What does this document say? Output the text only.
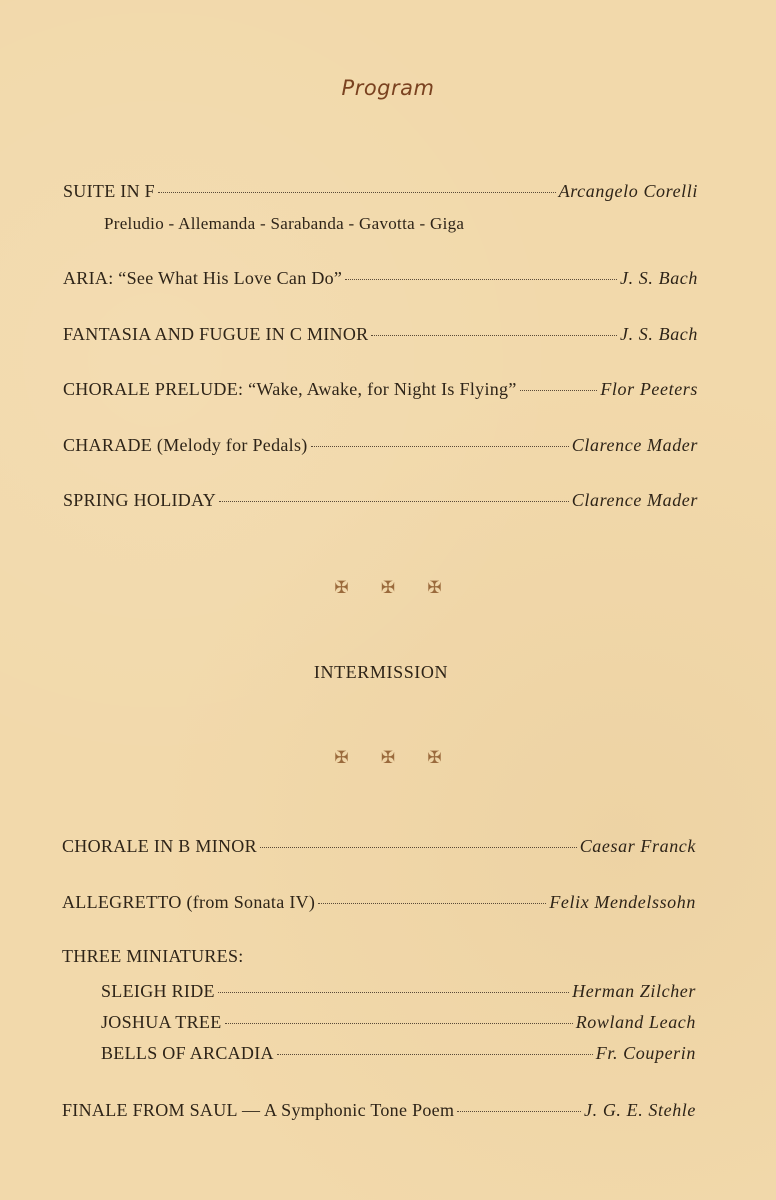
Program
SUITE IN F	Arcangelo Corelli
Preludio - Allemanda - Sarabanda - Gavotta - Giga
ARIA: “See What His Love Can Do”	J. S. Bach
FANTASIA AND FUGUE IN C MINOR	J. S. Bach
CHORALE PRELUDE: “Wake, Awake, for Night Is Flying”	Flor Peeters
CHARADE (Melody for Pedals)	Clarence Mader
SPRING HOLIDAY	Clarence Mader
✠ ✠ ✠
INTERMISSION
✠ ✠ ✠
CHORALE IN B MINOR	Caesar Franck
ALLEGRETTO (from Sonata IV)	Felix Mendelssohn
THREE MINIATURES:
SLEIGH RIDE	Herman Zilcher
JOSHUA TREE	Rowland Leach
BELLS OF ARCADIA	Fr. Couperin
FINALE FROM SAUL — A Symphonic Tone Poem	J. G. E. Stehle
